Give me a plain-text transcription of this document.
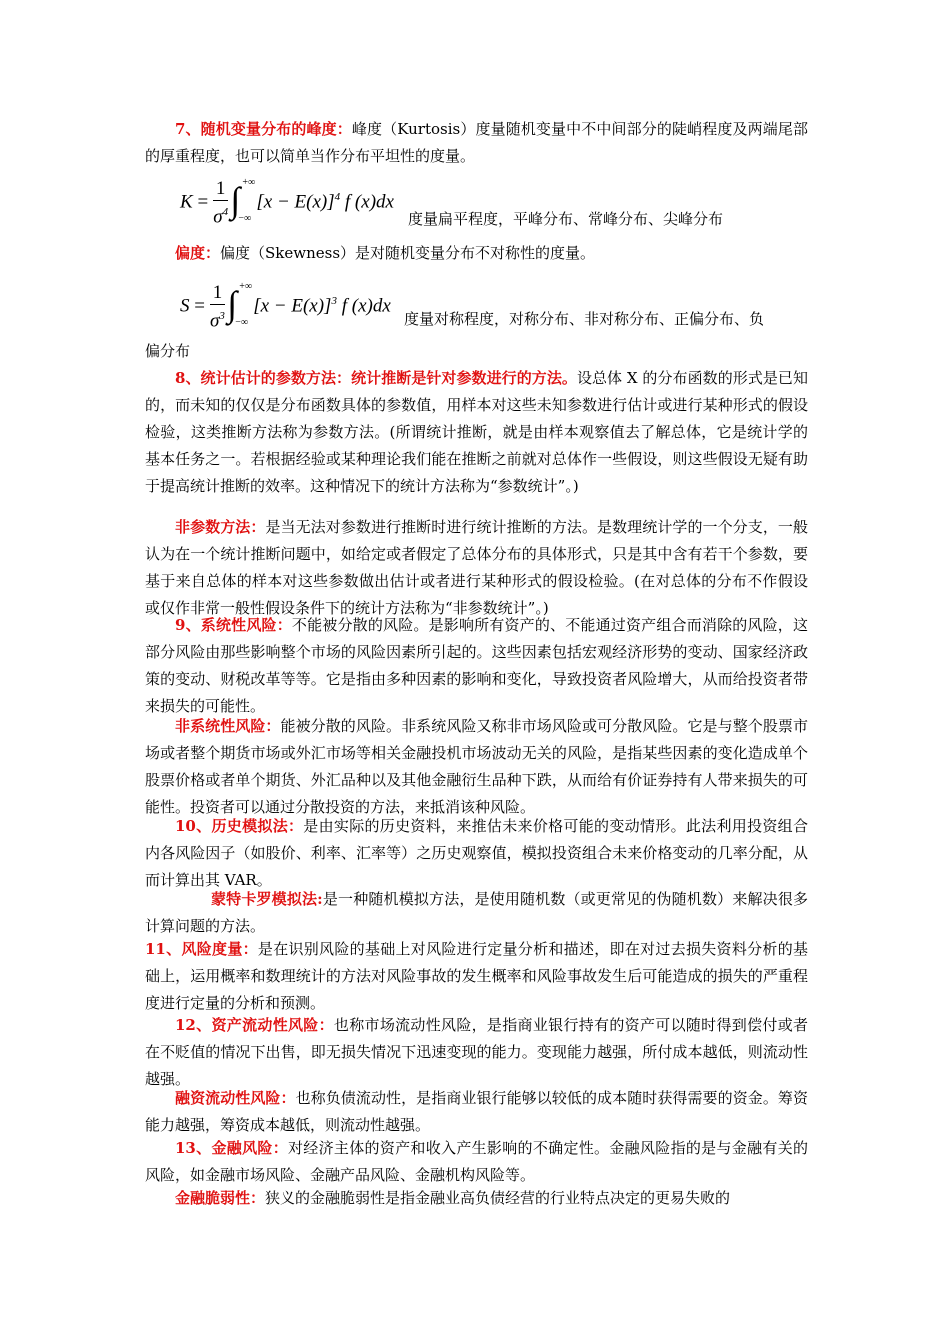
7、随机变量分布的峰度：峰度（Kurtosis）度量随机变量中不中间部分的陡峭程度及两端尾部的厚重程度，也可以简单当作分布平坦性的度量。

$K = \frac{1}{\sigma^4}$ ∫ +∞
−∞
$[x - E(x)]^4$ f (x)dx
度量扁平程度，平峰分布、常峰分布、尖峰分布

偏度：偏度（Skewness）是对随机变量分布不对称性的度量。

$S = \frac{1}{\sigma^3}$ ∫ +∞
−∞
$[x - E(x)]^3$ f (x)dx
度量对称程度，对称分布、非对称分布、正偏分布、负
偏分布

8、统计估计的参数方法：统计推断是针对参数进行的方法。设总体 X 的分布函数的形式是已知的，而未知的仅仅是分布函数具体的参数值，用样本对这些未知参数进行估计或进行某种形式的假设检验，这类推断方法称为参数方法。(所谓统计推断，就是由样本观察值去了解总体，它是统计学的基本任务之一。若根据经验或某种理论我们能在推断之前就对总体作一些假设，则这些假设无疑有助于提高统计推断的效率。这种情况下的统计方法称为“参数统计”。)

非参数方法：是当无法对参数进行推断时进行统计推断的方法。是数理统计学的一个分支，一般认为在一个统计推断问题中，如给定或者假定了总体分布的具体形式，只是其中含有若干个参数，要基于来自总体的样本对这些参数做出估计或者进行某种形式的假设检验。(在对总体的分布不作假设或仅作非常一般性假设条件下的统计方法称为“非参数统计”。)

9、系统性风险：不能被分散的风险。是影响所有资产的、不能通过资产组合而消除的风险，这部分风险由那些影响整个市场的风险因素所引起的。这些因素包括宏观经济形势的变动、国家经济政策的变动、财税改革等等。它是指由多种因素的影响和变化，导致投资者风险增大，从而给投资者带来损失的可能性。

非系统性风险：能被分散的风险。非系统风险又称非市场风险或可分散风险。它是与整个股票市场或者整个期货市场或外汇市场等相关金融投机市场波动无关的风险，是指某些因素的变化造成单个股票价格或者单个期货、外汇品种以及其他金融衍生品种下跌，从而给有价证券持有人带来损失的可能性。投资者可以通过分散投资的方法，来抵消该种风险。

10、历史模拟法：是由实际的历史资料，来推估未来价格可能的变动情形。此法利用投资组合内各风险因子（如股价、利率、汇率等）之历史观察值，模拟投资组合未来价格变动的几率分配，从而计算出其 VAR。

蒙特卡罗模拟法:是一种随机模拟方法，是使用随机数（或更常见的伪随机数）来解决很多计算问题的方法。

11、风险度量：是在识别风险的基础上对风险进行定量分析和描述，即在对过去损失资料分析的基础上，运用概率和数理统计的方法对风险事故的发生概率和风险事故发生后可能造成的损失的严重程度进行定量的分析和预测。

12、资产流动性风险：也称市场流动性风险，是指商业银行持有的资产可以随时得到偿付或者在不贬值的情况下出售，即无损失情况下迅速变现的能力。变现能力越强，所付成本越低，则流动性越强。

融资流动性风险：也称负债流动性，是指商业银行能够以较低的成本随时获得需要的资金。筹资能力越强，筹资成本越低，则流动性越强。

13、金融风险：对经济主体的资产和收入产生影响的不确定性。金融风险指的是与金融有关的风险，如金融市场风险、金融产品风险、金融机构风险等。

金融脆弱性：狭义的金融脆弱性是指金融业高负债经营的行业特点决定的更易失败的
